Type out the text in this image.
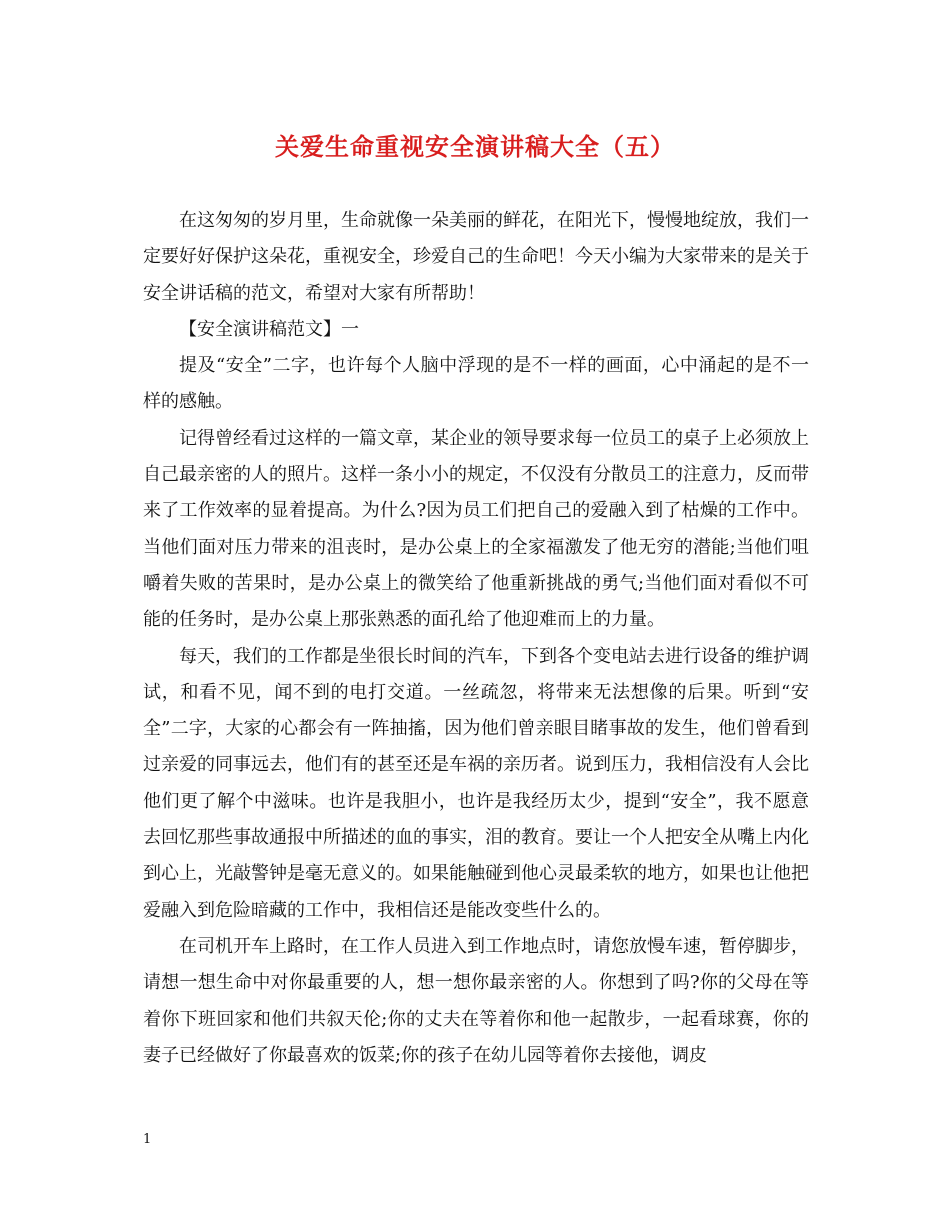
关爱生命重视安全演讲稿大全（五）

在这匆匆的岁月里，生命就像一朵美丽的鲜花，在阳光下，慢慢地绽放，我们一定要好好保护这朵花，重视安全，珍爱自己的生命吧！今天小编为大家带来的是关于安全讲话稿的范文，希望对大家有所帮助！

【安全演讲稿范文】一

提及“安全”二字，也许每个人脑中浮现的是不一样的画面，心中涌起的是不一样的感触。

记得曾经看过这样的一篇文章，某企业的领导要求每一位员工的桌子上必须放上自己最亲密的人的照片。这样一条小小的规定，不仅没有分散员工的注意力，反而带来了工作效率的显着提高。为什么?因为员工们把自己的爱融入到了枯燥的工作中。当他们面对压力带来的沮丧时，是办公桌上的全家福激发了他无穷的潜能;当他们咀嚼着失败的苦果时，是办公桌上的微笑给了他重新挑战的勇气;当他们面对看似不可能的任务时，是办公桌上那张熟悉的面孔给了他迎难而上的力量。

每天，我们的工作都是坐很长时间的汽车，下到各个变电站去进行设备的维护调试，和看不见，闻不到的电打交道。一丝疏忽，将带来无法想像的后果。听到“安全”二字，大家的心都会有一阵抽搐，因为他们曾亲眼目睹事故的发生，他们曾看到过亲爱的同事远去，他们有的甚至还是车祸的亲历者。说到压力，我相信没有人会比他们更了解个中滋味。也许是我胆小，也许是我经历太少，提到“安全”，我不愿意去回忆那些事故通报中所描述的血的事实，泪的教育。要让一个人把安全从嘴上内化到心上，光敲警钟是毫无意义的。如果能触碰到他心灵最柔软的地方，如果也让他把爱融入到危险暗藏的工作中，我相信还是能改变些什么的。

在司机开车上路时，在工作人员进入到工作地点时，请您放慢车速，暂停脚步，请想一想生命中对你最重要的人，想一想你最亲密的人。你想到了吗?你的父母在等着你下班回家和他们共叙天伦;你的丈夫在等着你和他一起散步，一起看球赛，你的妻子已经做好了你最喜欢的饭菜;你的孩子在幼儿园等着你去接他，调皮

1
